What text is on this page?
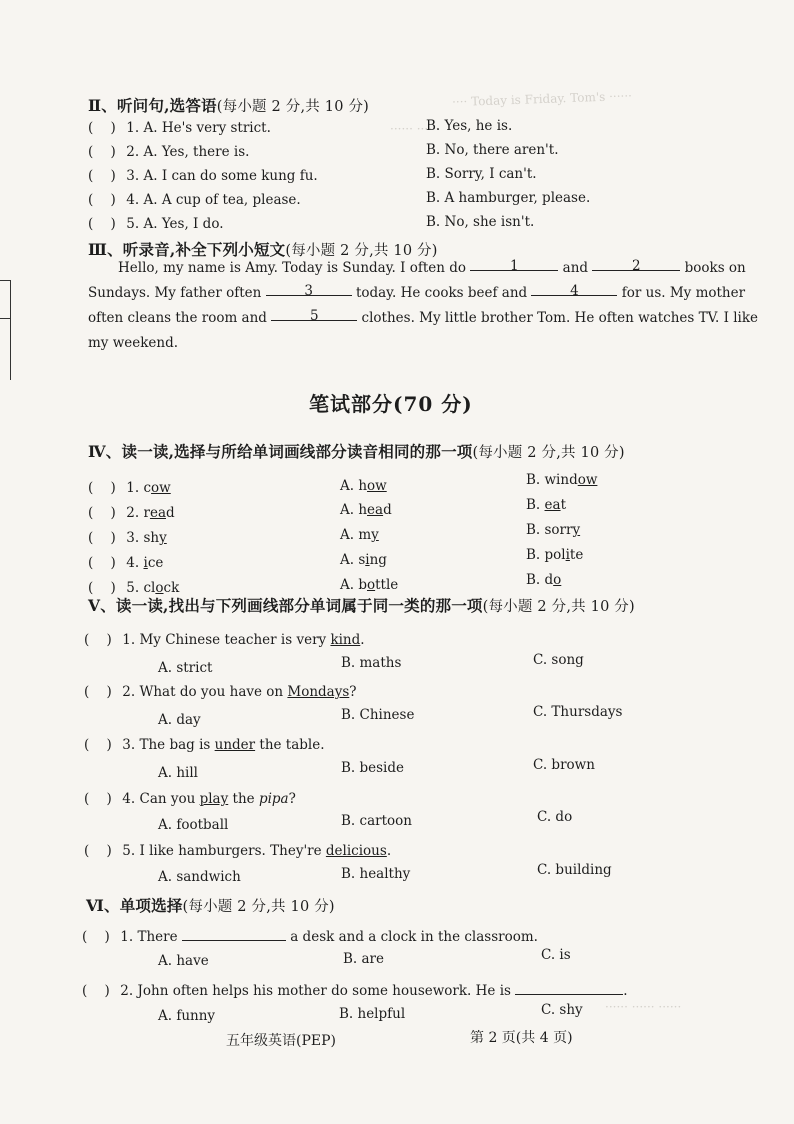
···· Today is Friday. Tom's ······
······ ······
······ ······ ······
Ⅱ、听问句,选答语(每小题 2 分,共 10 分)
( ) 1. A. He's very strict.	B. Yes, he is.
( ) 2. A. Yes, there is.	B. No, there aren't.
( ) 3. A. I can do some kung fu.	B. Sorry, I can't.
( ) 4. A. A cup of tea, please.	B. A hamburger, please.
( ) 5. A. Yes, I do.	B. No, she isn't.
Ⅲ、听录音,补全下列小短文(每小题 2 分,共 10 分)

Hello, my name is Amy. Today is Sunday. I often do	1	and	2	books on

Sundays. My father often	3	today. He cooks beef and	4	for us. My mother

often cleans the room and	5	clothes. My little brother Tom. He often watches TV. I like

my weekend.

笔试部分(70 分)
Ⅳ、读一读,选择与所给单词画线部分读音相同的那一项(每小题 2 分,共 10 分)
( ) 1. cow	A. how	B. window
( ) 2. read	A. head	B. eat
( ) 3. shy	A. my	B. sorry
( ) 4. ice	A. sing	B. polite
( ) 5. clock	A. bottle	B. do
Ⅴ、读一读,找出与下列画线部分单词属于同一类的那一项(每小题 2 分,共 10 分)
( ) 1. My Chinese teacher is very kind.
A. strict	B. maths	C. song
( ) 2. What do you have on Mondays?
A. day	B. Chinese	C. Thursdays
( ) 3. The bag is under the table.
A. hill	B. beside	C. brown
( ) 4. Can you play the pipa?
A. football	B. cartoon	C. do
( ) 5. I like hamburgers. They're delicious.
A. sandwich	B. healthy	C. building
Ⅵ、单项选择(每小题 2 分,共 10 分)
( ) 1. There	a desk and a clock in the classroom.
A. have	B. are	C. is
( ) 2. John often helps his mother do some housework. He is	.
A. funny	B. helpful	C. shy
五年级英语(PEP)	第 2 页(共 4 页)
